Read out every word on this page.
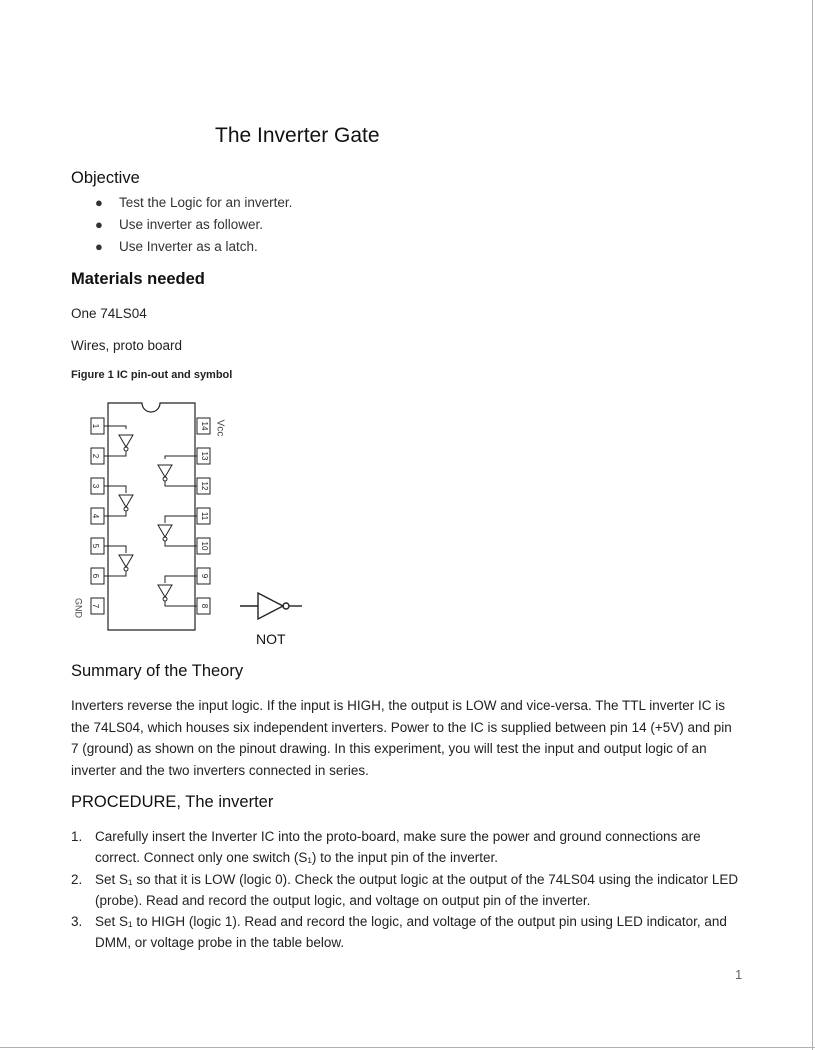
The Inverter Gate
Objective
● Test the Logic for an inverter.
● Use inverter as follower.
● Use Inverter as a latch.
Materials needed
One 74LS04
Wires, proto board
Figure 1 IC pin-out and symbol
1
2
3
4
5
6
7
14
13
12
11
10
9
8
Vcc
GND
NOT
Summary of the Theory
Inverters reverse the input logic. If the input is HIGH, the output is LOW and vice-versa. The TTL inverter IC is the 74LS04, which houses six independent inverters. Power to the IC is supplied between pin 14 (+5V) and pin 7 (ground) as shown on the pinout drawing. In this experiment, you will test the input and output logic of an inverter and the two inverters connected in series.
PROCEDURE, The inverter
1. Carefully insert the Inverter IC into the proto-board, make sure the power and ground connections are correct. Connect only one switch (S₁) to the input pin of the inverter.
2. Set S₁ so that it is LOW (logic 0). Check the output logic at the output of the 74LS04 using the indicator LED (probe). Read and record the output logic, and voltage on output pin of the inverter.
3. Set S₁ to HIGH (logic 1). Read and record the logic, and voltage of the output pin using LED indicator, and DMM, or voltage probe in the table below.
1
